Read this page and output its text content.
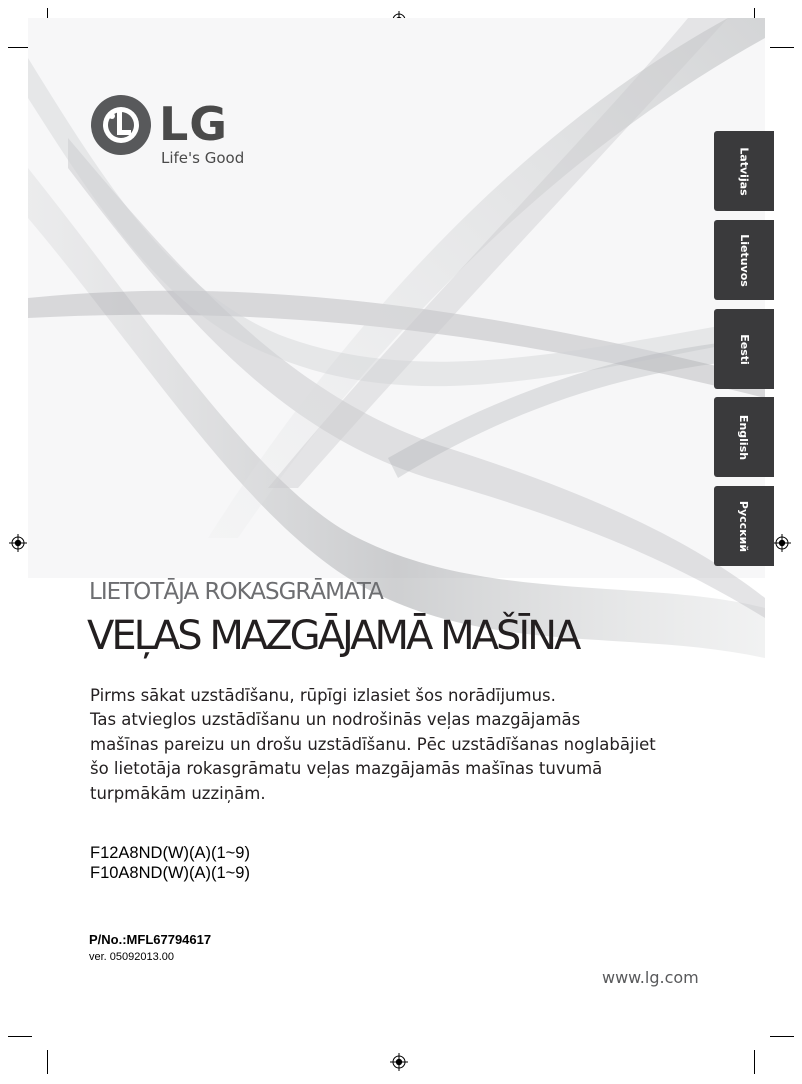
LG
Life's Good	Latvijas
Lietuvos
Eesti
English
Русский
LIETOTĀJA ROKASGRĀMATA
VEĻAS MAZGĀJAMĀ MAŠĪNA
Pirms sākat uzstādīšanu, rūpīgi izlasiet šos norādījumus.
Tas atvieglos uzstādīšanu un nodrošinās veļas mazgājamās
mašīnas pareizu un drošu uzstādīšanu. Pēc uzstādīšanas noglabājiet
šo lietotāja rokasgrāmatu veļas mazgājamās mašīnas tuvumā
turpmākām uzziņām.
F12A8ND(W)(A)(1~9)
F10A8ND(W)(A)(1~9)
P/No.:MFL67794617
ver. 05092013.00
www.lg.com
